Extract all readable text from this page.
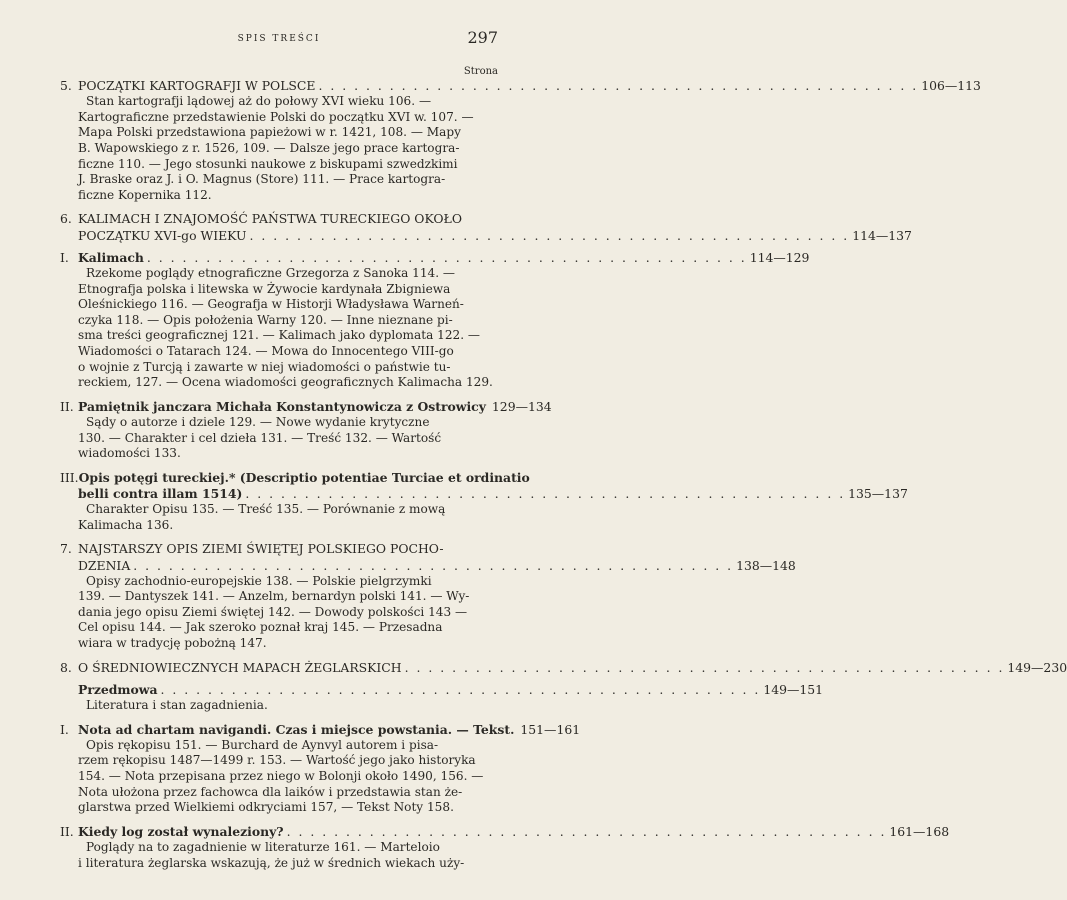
SPIS TREŚCI	297
Strona
5. POCZĄTKI KARTOGRAFJI W POLSCE . . .	106—113
Stan kartografji lądowej aż do połowy XVI wieku 106. —
Kartograficzne przedstawienie Polski do początku XVI w. 107. —
Mapa Polski przedstawiona papieżowi w r. 1421, 108. — Mapy
B. Wapowskiego z r. 1526, 109. — Dalsze jego prace kartogra-
ficzne 110. — Jego stosunki naukowe z biskupami szwedzkimi
J. Braske oraz J. i O. Magnus (Store) 111. — Prace kartogra-
ficzne Kopernika 112.
6. KALIMACH I ZNAJOMOŚĆ PAŃSTWA TURECKIEGO OKOŁO
POCZĄTKU XVI-go WIEKU . . .	114—137
I. Kalimach . . .	114—129
Rzekome poglądy etnograficzne Grzegorza z Sanoka 114. —
Etnografja polska i litewska w Żywocie kardynała Zbigniewa
Oleśnickiego 116. — Geografja w Historji Władysława Warneń-
czyka 118. — Opis położenia Warny 120. — Inne nieznane pi-
sma treści geograficznej 121. — Kalimach jako dyplomata 122. —
Wiadomości o Tatarach 124. — Mowa do Innocentego VIII-go
o wojnie z Turcją i zawarte w niej wiadomości o państwie tu-
reckiem, 127. — Ocena wiadomości geograficznych Kalimacha 129.
II. Pamiętnik janczara Michała Konstantynowicza z Ostrowicy 129—134
Sądy o autorze i dziele 129. — Nowe wydanie krytyczne
130. — Charakter i cel dzieła 131. — Treść 132. — Wartość
wiadomości 133.
III. Opis potęgi tureckiej.* (Descriptio potentiae Turciae et ordinatio
belli contra illam 1514) . . .	135—137
Charakter Opisu 135. — Treść 135. — Porównanie z mową
Kalimacha 136.
7. NAJSTARSZY OPIS ZIEMI ŚWIĘTEJ POLSKIEGO POCHO-
DZENIA . . .	138—148
Opisy zachodnio-europejskie 138. — Polskie pielgrzymki
139. — Dantyszek 141. — Anzelm, bernardyn polski 141. — Wy-
dania jego opisu Ziemi świętej 142. — Dowody polskości 143 —
Cel opisu 144. — Jak szeroko poznał kraj 145. — Przesadna
wiara w tradycję pobożną 147.
8. O ŚREDNIOWIECZNYCH MAPACH ŻEGLARSKICH . . .	149—230
Przedmowa . . .	149—151
Literatura i stan zagadnienia.
I. Nota ad chartam navigandi. Czas i miejsce powstania. — Tekst. 151—161
Opis rękopisu 151. — Burchard de Aynvyl autorem i pisa-
rzem rękopisu 1487—1499 r. 153. — Wartość jego jako historyka
154. — Nota przepisana przez niego w Bolonji około 1490, 156. —
Nota ułożona przez fachowca dla laików i przedstawia stan że-
glarstwa przed Wielkiemi odkryciami 157, — Tekst Noty 158.
II. Kiedy log został wynaleziony? . . .	161—168
Poglądy na to zagadnienie w literaturze 161. — Marteloio
i literatura żeglarska wskazują, że już w średnich wiekach uży-
